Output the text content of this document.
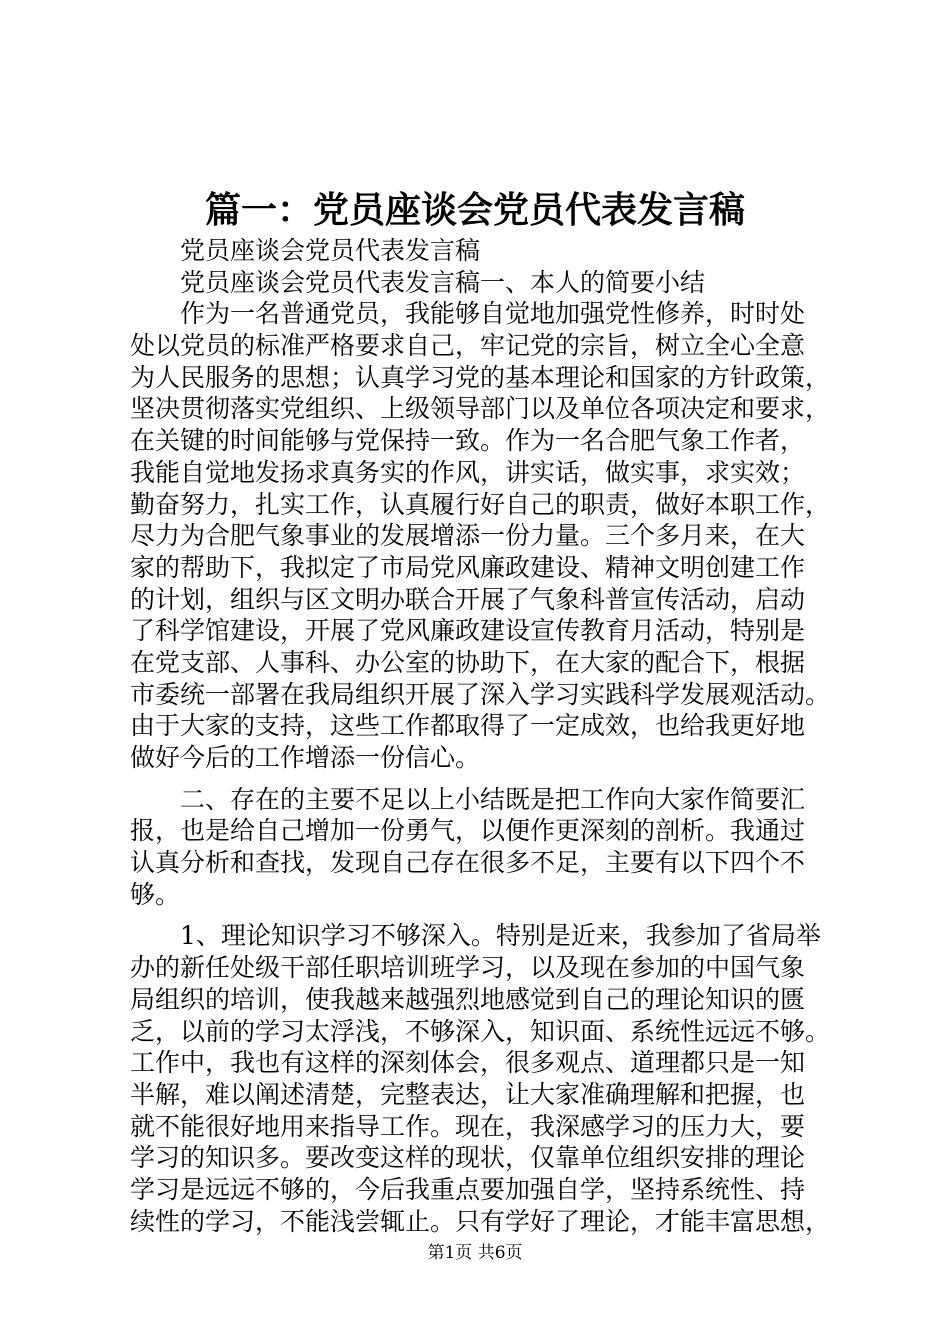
篇一：党员座谈会党员代表发言稿
党员座谈会党员代表发言稿
党员座谈会党员代表发言稿一、本人的简要小结
作为一名普通党员，我能够自觉地加强党性修养，时时处
处以党员的标准严格要求自己，牢记党的宗旨，树立全心全意
为人民服务的思想；认真学习党的基本理论和国家的方针政策，
坚决贯彻落实党组织、上级领导部门以及单位各项决定和要求，
在关键的时间能够与党保持一致。作为一名合肥气象工作者，
我能自觉地发扬求真务实的作风，讲实话，做实事，求实效；
勤奋努力，扎实工作，认真履行好自己的职责，做好本职工作，
尽力为合肥气象事业的发展增添一份力量。三个多月来，在大
家的帮助下，我拟定了市局党风廉政建设、精神文明创建工作
的计划，组织与区文明办联合开展了气象科普宣传活动，启动
了科学馆建设，开展了党风廉政建设宣传教育月活动，特别是
在党支部、人事科、办公室的协助下，在大家的配合下，根据
市委统一部署在我局组织开展了深入学习实践科学发展观活动。
由于大家的支持，这些工作都取得了一定成效，也给我更好地
做好今后的工作增添一份信心。
二、存在的主要不足以上小结既是把工作向大家作简要汇
报，也是给自己增加一份勇气，以便作更深刻的剖析。我通过
认真分析和查找，发现自己存在很多不足，主要有以下四个不
够。
1、理论知识学习不够深入。特别是近来，我参加了省局举
办的新任处级干部任职培训班学习，以及现在参加的中国气象
局组织的培训，使我越来越强烈地感觉到自己的理论知识的匮
乏，以前的学习太浮浅，不够深入，知识面、系统性远远不够。
工作中，我也有这样的深刻体会，很多观点、道理都只是一知
半解，难以阐述清楚，完整表达，让大家准确理解和把握，也
就不能很好地用来指导工作。现在，我深感学习的压力大，要
学习的知识多。要改变这样的现状，仅靠单位组织安排的理论
学习是远远不够的，今后我重点要加强自学，坚持系统性、持
续性的学习，不能浅尝辄止。只有学好了理论，才能丰富思想，
第1页 共6页
